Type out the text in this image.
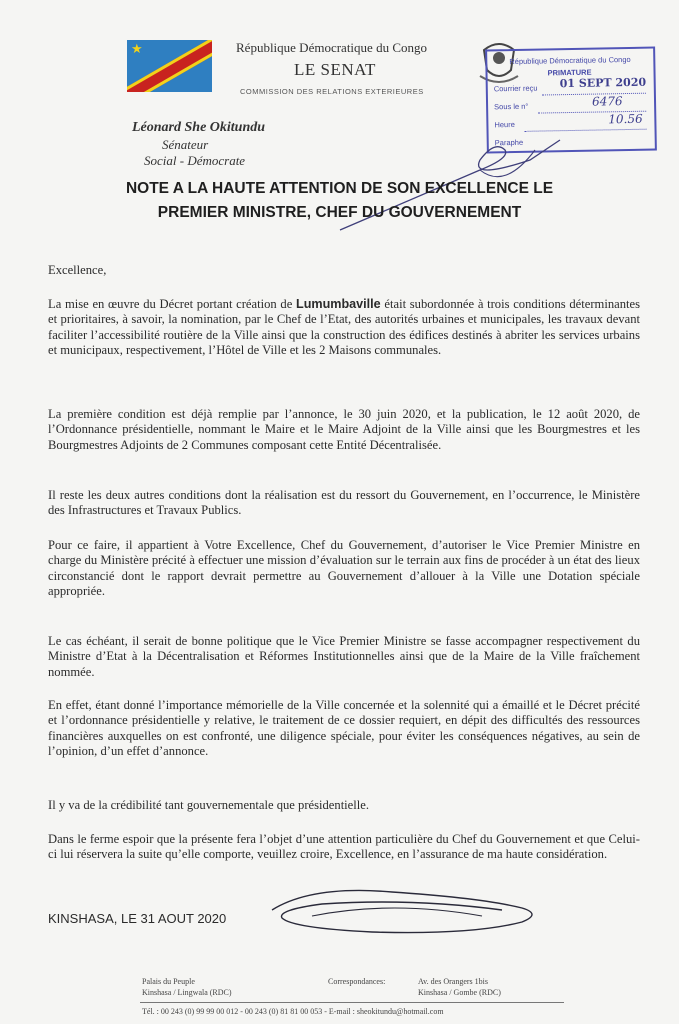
★	République Démocratique du Congo
LE SENAT
COMMISSION DES RELATIONS EXTERIEURES
Léonard She Okitundu
Sénateur
Social - Démocrate
République Démocratique du Congo
PRIMATURE
Courrier reçu 01 SEPT 2020
Sous le n°	6476
Heure	10.56
Paraphe
NOTE A LA HAUTE ATTENTION DE SON EXCELLENCE LE
PREMIER MINISTRE, CHEF DU GOUVERNEMENT
Excellence,
La mise en œuvre du Décret portant création de Lumumbaville était subordonnée à trois conditions déterminantes et prioritaires, à savoir, la nomination, par le Chef de l’Etat, des autorités urbaines et municipales, les travaux devant faciliter l’accessibilité routière de la Ville ainsi que la construction des édifices destinés à abriter les services urbains et municipaux, respectivement, l’Hôtel de Ville et les 2 Maisons communales.
La première condition est déjà remplie par l’annonce, le 30 juin 2020, et la publication, le 12 août 2020, de l’Ordonnance présidentielle, nommant le Maire et le Maire Adjoint de la Ville ainsi que les Bourgmestres et les Bourgmestres Adjoints de 2 Communes composant cette Entité Décentralisée.
Il reste les deux autres conditions dont la réalisation est du ressort du Gouvernement, en l’occurrence, le Ministère des Infrastructures et Travaux Publics.
Pour ce faire, il appartient à Votre Excellence, Chef du Gouvernement, d’autoriser le Vice Premier Ministre en charge du Ministère précité à effectuer une mission d’évaluation sur le terrain aux fins de procéder à un état des lieux circonstancié dont le rapport devrait permettre au Gouvernement d’allouer à la Ville une Dotation spéciale appropriée.
Le cas échéant, il serait de bonne politique que le Vice Premier Ministre se fasse accompagner respectivement du Ministre d’Etat à la Décentralisation et Réformes Institutionnelles ainsi que de la Maire de la Ville fraîchement nommée.
En effet, étant donné l’importance mémorielle de la Ville concernée et la solennité qui a émaillé et le Décret précité et l’ordonnance présidentielle y relative, le traitement de ce dossier requiert, en dépit des difficultés des ressources financières auxquelles on est confronté, une diligence spéciale, pour éviter les conséquences négatives, au sein de l’opinion, d’un effet d’annonce.
Il y va de la crédibilité tant gouvernementale que présidentielle.
Dans le ferme espoir que la présente fera l’objet d’une attention particulière du Chef du Gouvernement et que Celui-ci lui réservera la suite qu’elle comporte, veuillez croire, Excellence, en l’assurance de ma haute considération.
KINSHASA, LE 31 AOUT 2020
Palais du Peuple
Kinshasa / Lingwala (RDC)
Correspondances:	Av. des Orangers 1bis
Kinshasa / Gombe (RDC)
Tél. : 00 243 (0) 99 99 00 012 - 00 243 (0) 81 81 00 053 - E-mail : sheokitundu@hotmail.com
